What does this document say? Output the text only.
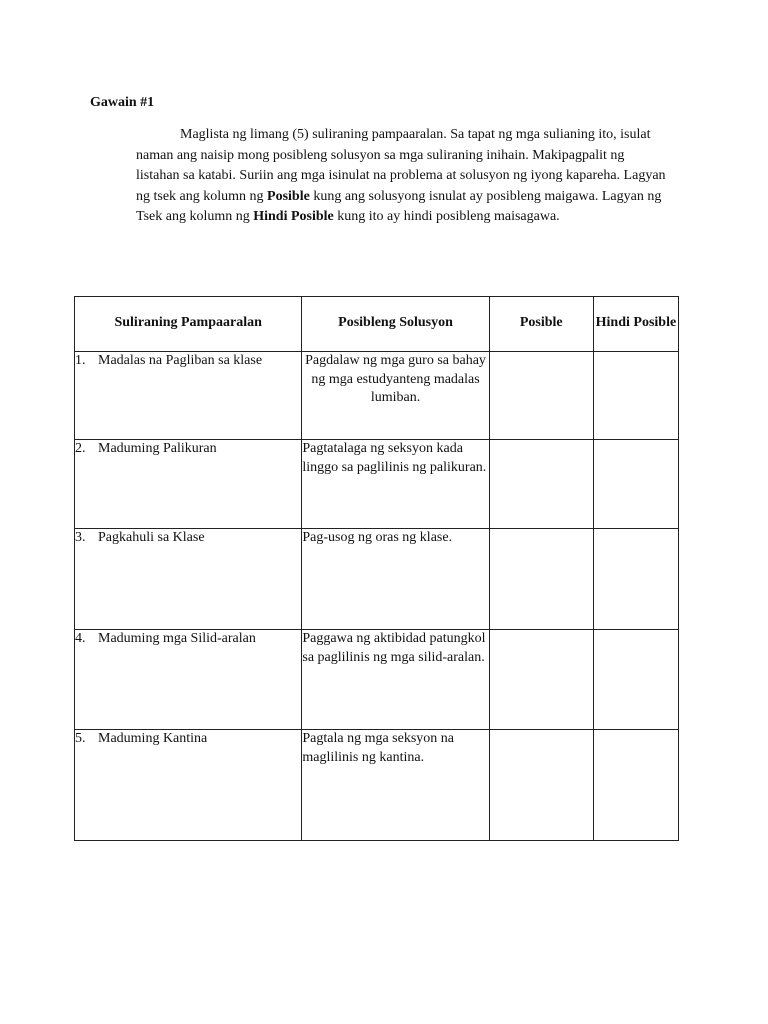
Gawain #1
Maglista ng limang (5) suliraning pampaaralan. Sa tapat ng mga sulianing ito, isulat naman ang naisip mong posibleng solusyon sa mga suliraning inihain. Makipagpalit ng listahan sa katabi. Suriin ang mga isinulat na problema at solusyon ng iyong kapareha. Lagyan ng tsek ang kolumn ng Posible kung ang solusyong isnulat ay posibleng maigawa. Lagyan ng Tsek ang kolumn ng Hindi Posible kung ito ay hindi posibleng maisagawa.
Suliraning Pampaaralan	Posibleng Solusyon	Posible	Hindi Posible

1. Madalas na Pagliban sa klase	Pagdalaw ng mga guro sa bahay ng mga estudyanteng madalas lumiban.		

2. Maduming Palikuran	Pagtatalaga ng seksyon kada linggo sa paglilinis ng palikuran.		

3. Pagkahuli sa Klase	Pag-usog ng oras ng klase.		

4. Maduming mga Silid-aralan	Paggawa ng aktibidad patungkol sa paglilinis ng mga silid-aralan.		

5. Maduming Kantina	Pagtala ng mga seksyon na maglilinis ng kantina.		
